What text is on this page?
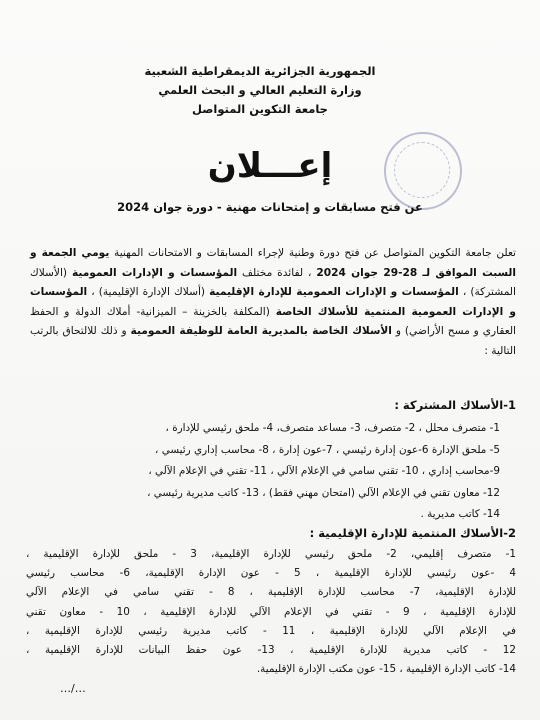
الجمهورية الجزائرية الديمقراطية الشعبية
وزارة التعليم العالي و البحث العلمي
جامعة التكوين المتواصل
إعـــلان
عن فتح مسابقات و إمتحانات مهنية - دورة جوان 2024
تعلن جامعة التكوين المتواصل عن فتح دورة وطنية لإجراء المسابقات و الامتحانات المهنية يومي الجمعة و السبت الموافق لـ 28-29 جوان 2024 ، لفائدة مختلف المؤسسات و الإدارات العمومية (الأسلاك المشتركة) ، المؤسسات و الإدارات العمومية للإدارة الإقليمية (أسلاك الإدارة الإقليمية) ، المؤسسات و الإدارات العمومية المنتمية للأسلاك الخاصة (المكلفة بالخزينة – الميزانية- أملاك الدولة و الحفظ العقاري و مسح الأراضي) و الأسلاك الخاصة بالمديرية العامة للوظيفة العمومية و ذلك للالتحاق بالرتب التالية :
1-الأسلاك المشتركة :
1- متصرف محلل ، 2- متصرف، 3- مساعد متصرف، 4- ملحق رئيسي للإدارة ،
5- ملحق الإدارة 6-عون إدارة رئيسي ، 7-عون إدارة ، 8- محاسب إداري رئيسي ،
9-محاسب إداري ، 10- تقني سامي في الإعلام الآلي ، 11- تقني في الإعلام الآلي ،
12- معاون تقني في الإعلام الآلي (امتحان مهني فقط) ، 13- كاتب مديرية رئيسي ،
14- كاتب مديرية .
2-الأسلاك المنتمية للإدارة الإقليمية :
1- متصرف إقليمي، 2- ملحق رئيسي للإدارة الإقليمية، 3 - ملحق للإدارة الإقليمية ،
4 -عون رئيسي للإدارة الإقليمية ، 5 - عون الإدارة الإقليمية، 6- محاسب رئيسي
للإدارة الإقليمية، 7- محاسب للإدارة الإقليمية ، 8 - تقني سامي في الإعلام الآلي
للإدارة الإقليمية ، 9 - تقني في الإعلام الآلي للإدارة الإقليمية ، 10 - معاون تقني
في الإعلام الآلي للإدارة الإقليمية ، 11 - كاتب مديرية رئيسي للإدارة الإقليمية ،
12 - كاتب مديرية للإدارة الإقليمية ، 13- عون حفظ البيانات للإدارة الإقليمية ،
14- كاتب الإدارة الإقليمية ، 15- عون مكتب الإدارة الإقليمية.
…/…
